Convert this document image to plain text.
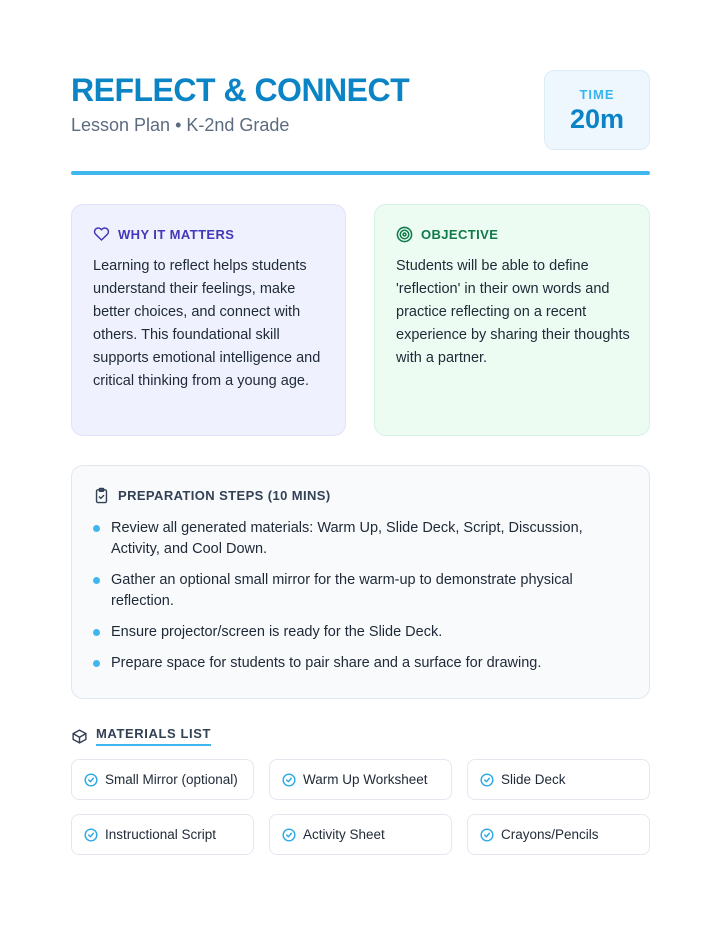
REFLECT & CONNECT
Lesson Plan • K-2nd Grade
TIME
20m
WHY IT MATTERS
Learning to reflect helps students understand their feelings, make better choices, and connect with others. This foundational skill supports emotional intelligence and critical thinking from a young age.
OBJECTIVE
Students will be able to define 'reflection' in their own words and practice reflecting on a recent experience by sharing their thoughts with a partner.
PREPARATION STEPS (10 MINS)
Review all generated materials: Warm Up, Slide Deck, Script, Discussion, Activity, and Cool Down.
Gather an optional small mirror for the warm-up to demonstrate physical reflection.
Ensure projector/screen is ready for the Slide Deck.
Prepare space for students to pair share and a surface for drawing.
MATERIALS LIST
Small Mirror (optional)	Warm Up Worksheet	Slide Deck
Instructional Script	Activity Sheet	Crayons/Pencils
